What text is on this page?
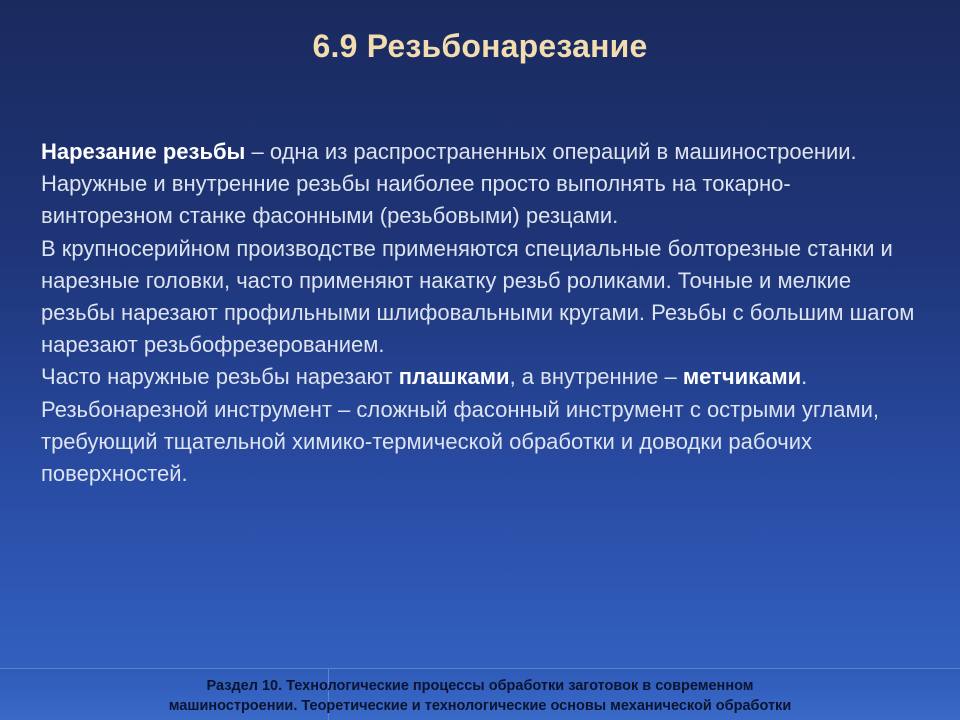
6.9 Резьбонарезание

Нарезание резьбы – одна из распространенных операций в машиностроении.

Наружные и внутренние резьбы наиболее просто выполнять на токарно-винторезном станке фасонными (резьбовыми) резцами.

В крупносерийном производстве применяются специальные болторезные станки и нарезные головки, часто применяют накатку резьб роликами. Точные и мелкие резьбы нарезают профильными шлифовальными кругами. Резьбы с большим шагом нарезают резьбофрезерованием.

Часто наружные резьбы нарезают плашками, а внутренние – метчиками.

Резьбонарезной инструмент – сложный фасонный инструмент с острыми углами, требующий тщательной химико-термической обработки и доводки рабочих поверхностей.

Раздел 10. Технологические процессы обработки заготовок в современном
машиностроении. Теоретические и технологические основы механической обработки
